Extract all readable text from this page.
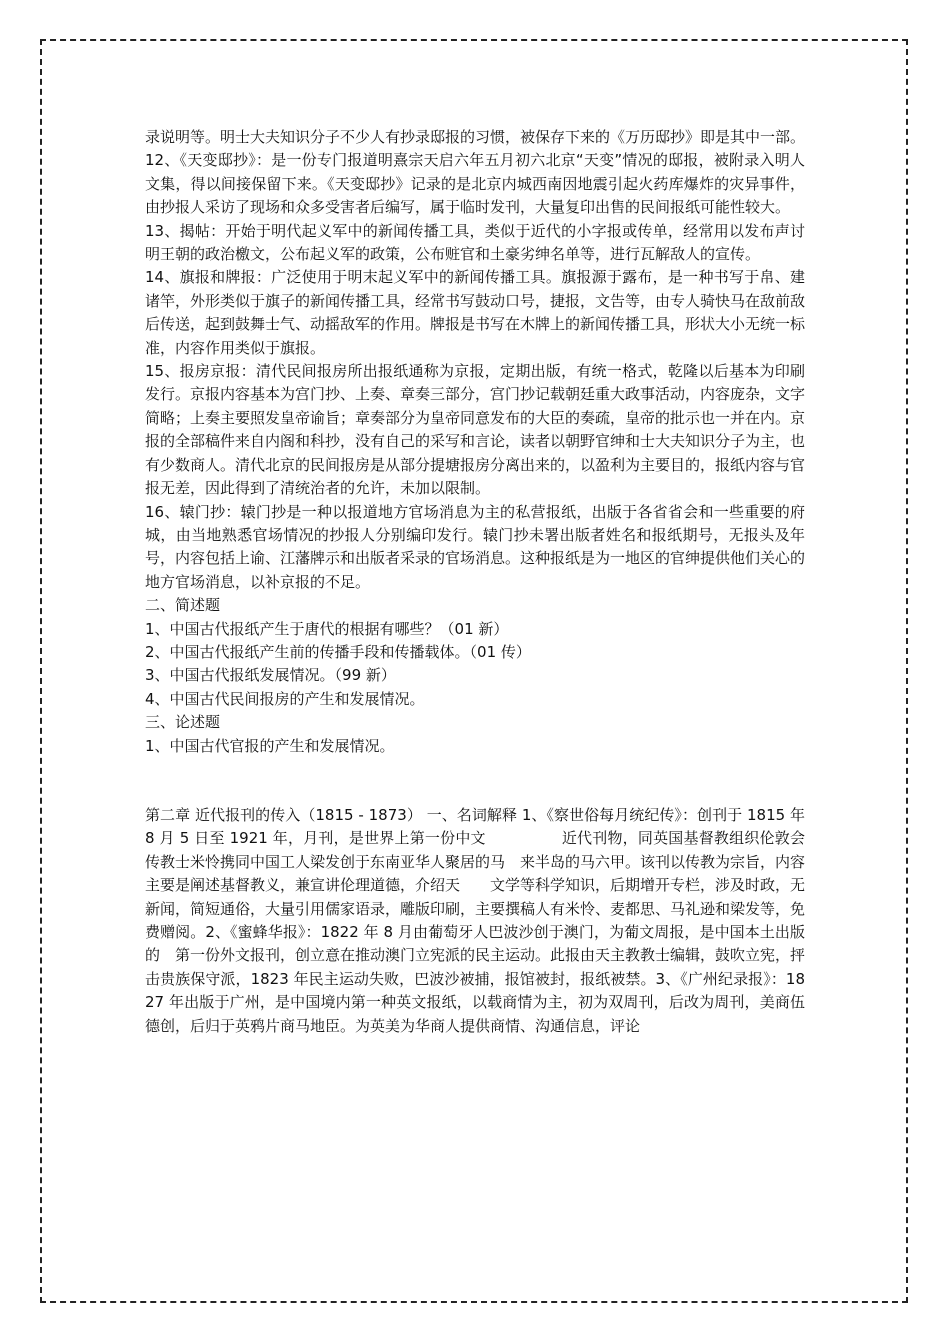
录说明等。明士大夫知识分子不少人有抄录邸报的习惯，被保存下来的《万历邸抄》即是其中一部。

12、《天变邸抄》：是一份专门报道明熹宗天启六年五月初六北京“天变”情况的邸报，被附录入明人文集，得以间接保留下来。《天变邸抄》记录的是北京内城西南因地震引起火药库爆炸的灾异事件，由抄报人采访了现场和众多受害者后编写，属于临时发刊，大量复印出售的民间报纸可能性较大。

13、揭帖：开始于明代起义军中的新闻传播工具，类似于近代的小字报或传单，经常用以发布声讨明王朝的政治檄文，公布起义军的政策，公布赃官和土豪劣绅名单等，进行瓦解敌人的宣传。

14、旗报和牌报：广泛使用于明末起义军中的新闻传播工具。旗报源于露布，是一种书写于帛、建诸竿，外形类似于旗子的新闻传播工具，经常书写鼓动口号，捷报，文告等，由专人骑快马在敌前敌后传送，起到鼓舞士气、动摇敌军的作用。牌报是书写在木牌上的新闻传播工具，形状大小无统一标准，内容作用类似于旗报。

15、报房京报：清代民间报房所出报纸通称为京报，定期出版，有统一格式，乾隆以后基本为印刷发行。京报内容基本为宫门抄、上奏、章奏三部分，宫门抄记载朝廷重大政事活动，内容庞杂，文字简略；上奏主要照发皇帝谕旨；章奏部分为皇帝同意发布的大臣的奏疏，皇帝的批示也一并在内。京报的全部稿件来自内阁和科抄，没有自己的采写和言论，读者以朝野官绅和士大夫知识分子为主，也有少数商人。清代北京的民间报房是从部分提塘报房分离出来的，以盈利为主要目的，报纸内容与官报无差，因此得到了清统治者的允许，未加以限制。

16、辕门抄：辕门抄是一种以报道地方官场消息为主的私营报纸，出版于各省省会和一些重要的府城，由当地熟悉官场情况的抄报人分别编印发行。辕门抄未署出版者姓名和报纸期号，无报头及年号，内容包括上谕、江藩牌示和出版者采录的官场消息。这种报纸是为一地区的官绅提供他们关心的地方官场消息，以补京报的不足。

二、简述题

1、中国古代报纸产生于唐代的根据有哪些？（01 新）

2、中国古代报纸产生前的传播手段和传播载体。（01 传）

3、中国古代报纸发展情况。（99 新）

4、中国古代民间报房的产生和发展情况。

三、论述题

1、中国古代官报的产生和发展情况。

第二章 近代报刊的传入（1815 - 1873） 一、名词解释 1、《察世俗每月统纪传》：创刊于 1815 年 8 月 5 日至 1921 年，月刊，是世界上第一份中文　　　　　近代刊物，同英国基督教组织伦敦会传教士米怜携同中国工人梁发创于东南亚华人聚居的马　来半岛的马六甲。该刊以传教为宗旨，内容主要是阐述基督教义，兼宣讲伦理道德，介绍天　　文学等科学知识，后期增开专栏，涉及时政，无新闻，简短通俗，大量引用儒家语录，雕版印刷，主要撰稿人有米怜、麦都思、马礼逊和梁发等，免费赠阅。2、《蜜蜂华报》：1822 年 8 月由葡萄牙人巴波沙创于澳门，为葡文周报，是中国本土出版的　第一份外文报刊，创立意在推动澳门立宪派的民主运动。此报由天主教教士编辑，鼓吹立宪，抨击贵族保守派，1823 年民主运动失败，巴波沙被捕，报馆被封，报纸被禁。3、《广州纪录报》：1827 年出版于广州，是中国境内第一种英文报纸，以载商情为主，初为双周刊，后改为周刊，美商伍德创，后归于英鸦片商马地臣。为英美为华商人提供商情、沟通信息，评论
